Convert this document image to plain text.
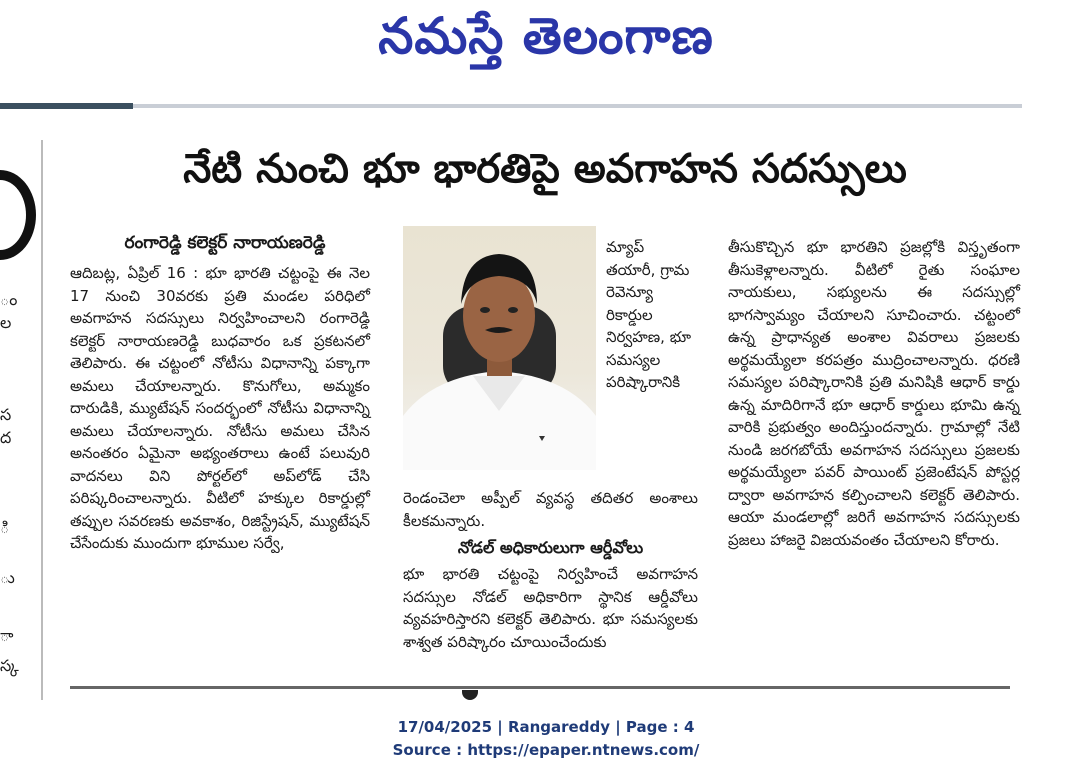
నమస్తే తెలంగాణ
ం
ల
స
ద
ి
ు
ా
స్క
నేటి నుంచి భూ భారతిపై అవగాహన సదస్సులు
రంగారెడ్డి కలెక్టర్ నారాయణరెడ్డి
ఆదిబట్ల, ఏప్రిల్ 16 : భూ భారతి చట్టంపై ఈ నెల 17 నుంచి 30వరకు ప్రతి మండల పరిధిలో అవగాహన సదస్సులు నిర్వహించాలని రంగారెడ్డి కలెక్టర్ నారాయణరెడ్డి బుధవారం ఒక ప్రకటనలో తెలిపారు. ఈ చట్టంలో నోటీసు విధానాన్ని పక్కాగా అమలు చేయాలన్నారు. కొనుగోలు, అమ్మకం దారుడికి, మ్యుటేషన్ సందర్భంలో నోటీసు విధానాన్ని అమలు చేయాలన్నారు. నోటీసు అమలు చేసిన అనంతరం ఏమైనా అభ్యంతరాలు ఉంటే పలువురి వాదనలు విని పోర్టల్‌లో అప్‌లోడ్ చేసి పరిష్కరించాలన్నారు. వీటిలో హక్కుల రికార్డుల్లో తప్పుల సవరణకు అవకాశం, రిజిస్ట్రేషన్, మ్యుటేషన్ చేసేందుకు ముందుగా భూముల సర్వే,
మ్యాప్ తయారీ, గ్రామ రెవెన్యూ రికార్డుల నిర్వహణ, భూ సమస్యల పరిష్కారానికి
రెండంచెలా అప్పీల్ వ్యవస్థ తదితర అంశాలు కీలకమన్నారు.
నోడల్ అధికారులుగా ఆర్డీవోలు
భూ భారతి చట్టంపై నిర్వహించే అవగాహన సదస్సుల నోడల్ అధికారిగా స్థానిక ఆర్డీవోలు వ్యవహరిస్తారని కలెక్టర్ తెలిపారు. భూ సమస్యలకు శాశ్వత పరిష్కారం చూయించేందుకు
తీసుకొచ్చిన భూ భారతిని ప్రజల్లోకి విస్తృతంగా తీసుకెళ్లాలన్నారు. వీటిలో రైతు సంఘాల నాయకులు, సభ్యులను ఈ సదస్సుల్లో భాగస్వామ్యం చేయాలని సూచించారు. చట్టంలో ఉన్న ప్రాధాన్యత అంశాల వివరాలు ప్రజలకు అర్థమయ్యేలా కరపత్రం ముద్రించాలన్నారు. ధరణి సమస్యల పరిష్కారానికి ప్రతి మనిషికి ఆధార్ కార్డు ఉన్న మాదిరిగానే భూ ఆధార్ కార్డులు భూమి ఉన్న వారికి ప్రభుత్వం అందిస్తుందన్నారు. గ్రామాల్లో నేటి నుండి జరగబోయే అవగాహన సదస్సులు ప్రజలకు అర్థమయ్యేలా పవర్ పాయింట్ ప్రజెంటేషన్ పోస్టర్ల ద్వారా అవగాహన కల్పించాలని కలెక్టర్ తెలిపారు. ఆయా మండలాల్లో జరిగే అవగాహన సదస్సులకు ప్రజలు హాజరై విజయవంతం చేయాలని కోరారు.
17/04/2025 | Rangareddy | Page : 4
Source : https://epaper.ntnews.com/
